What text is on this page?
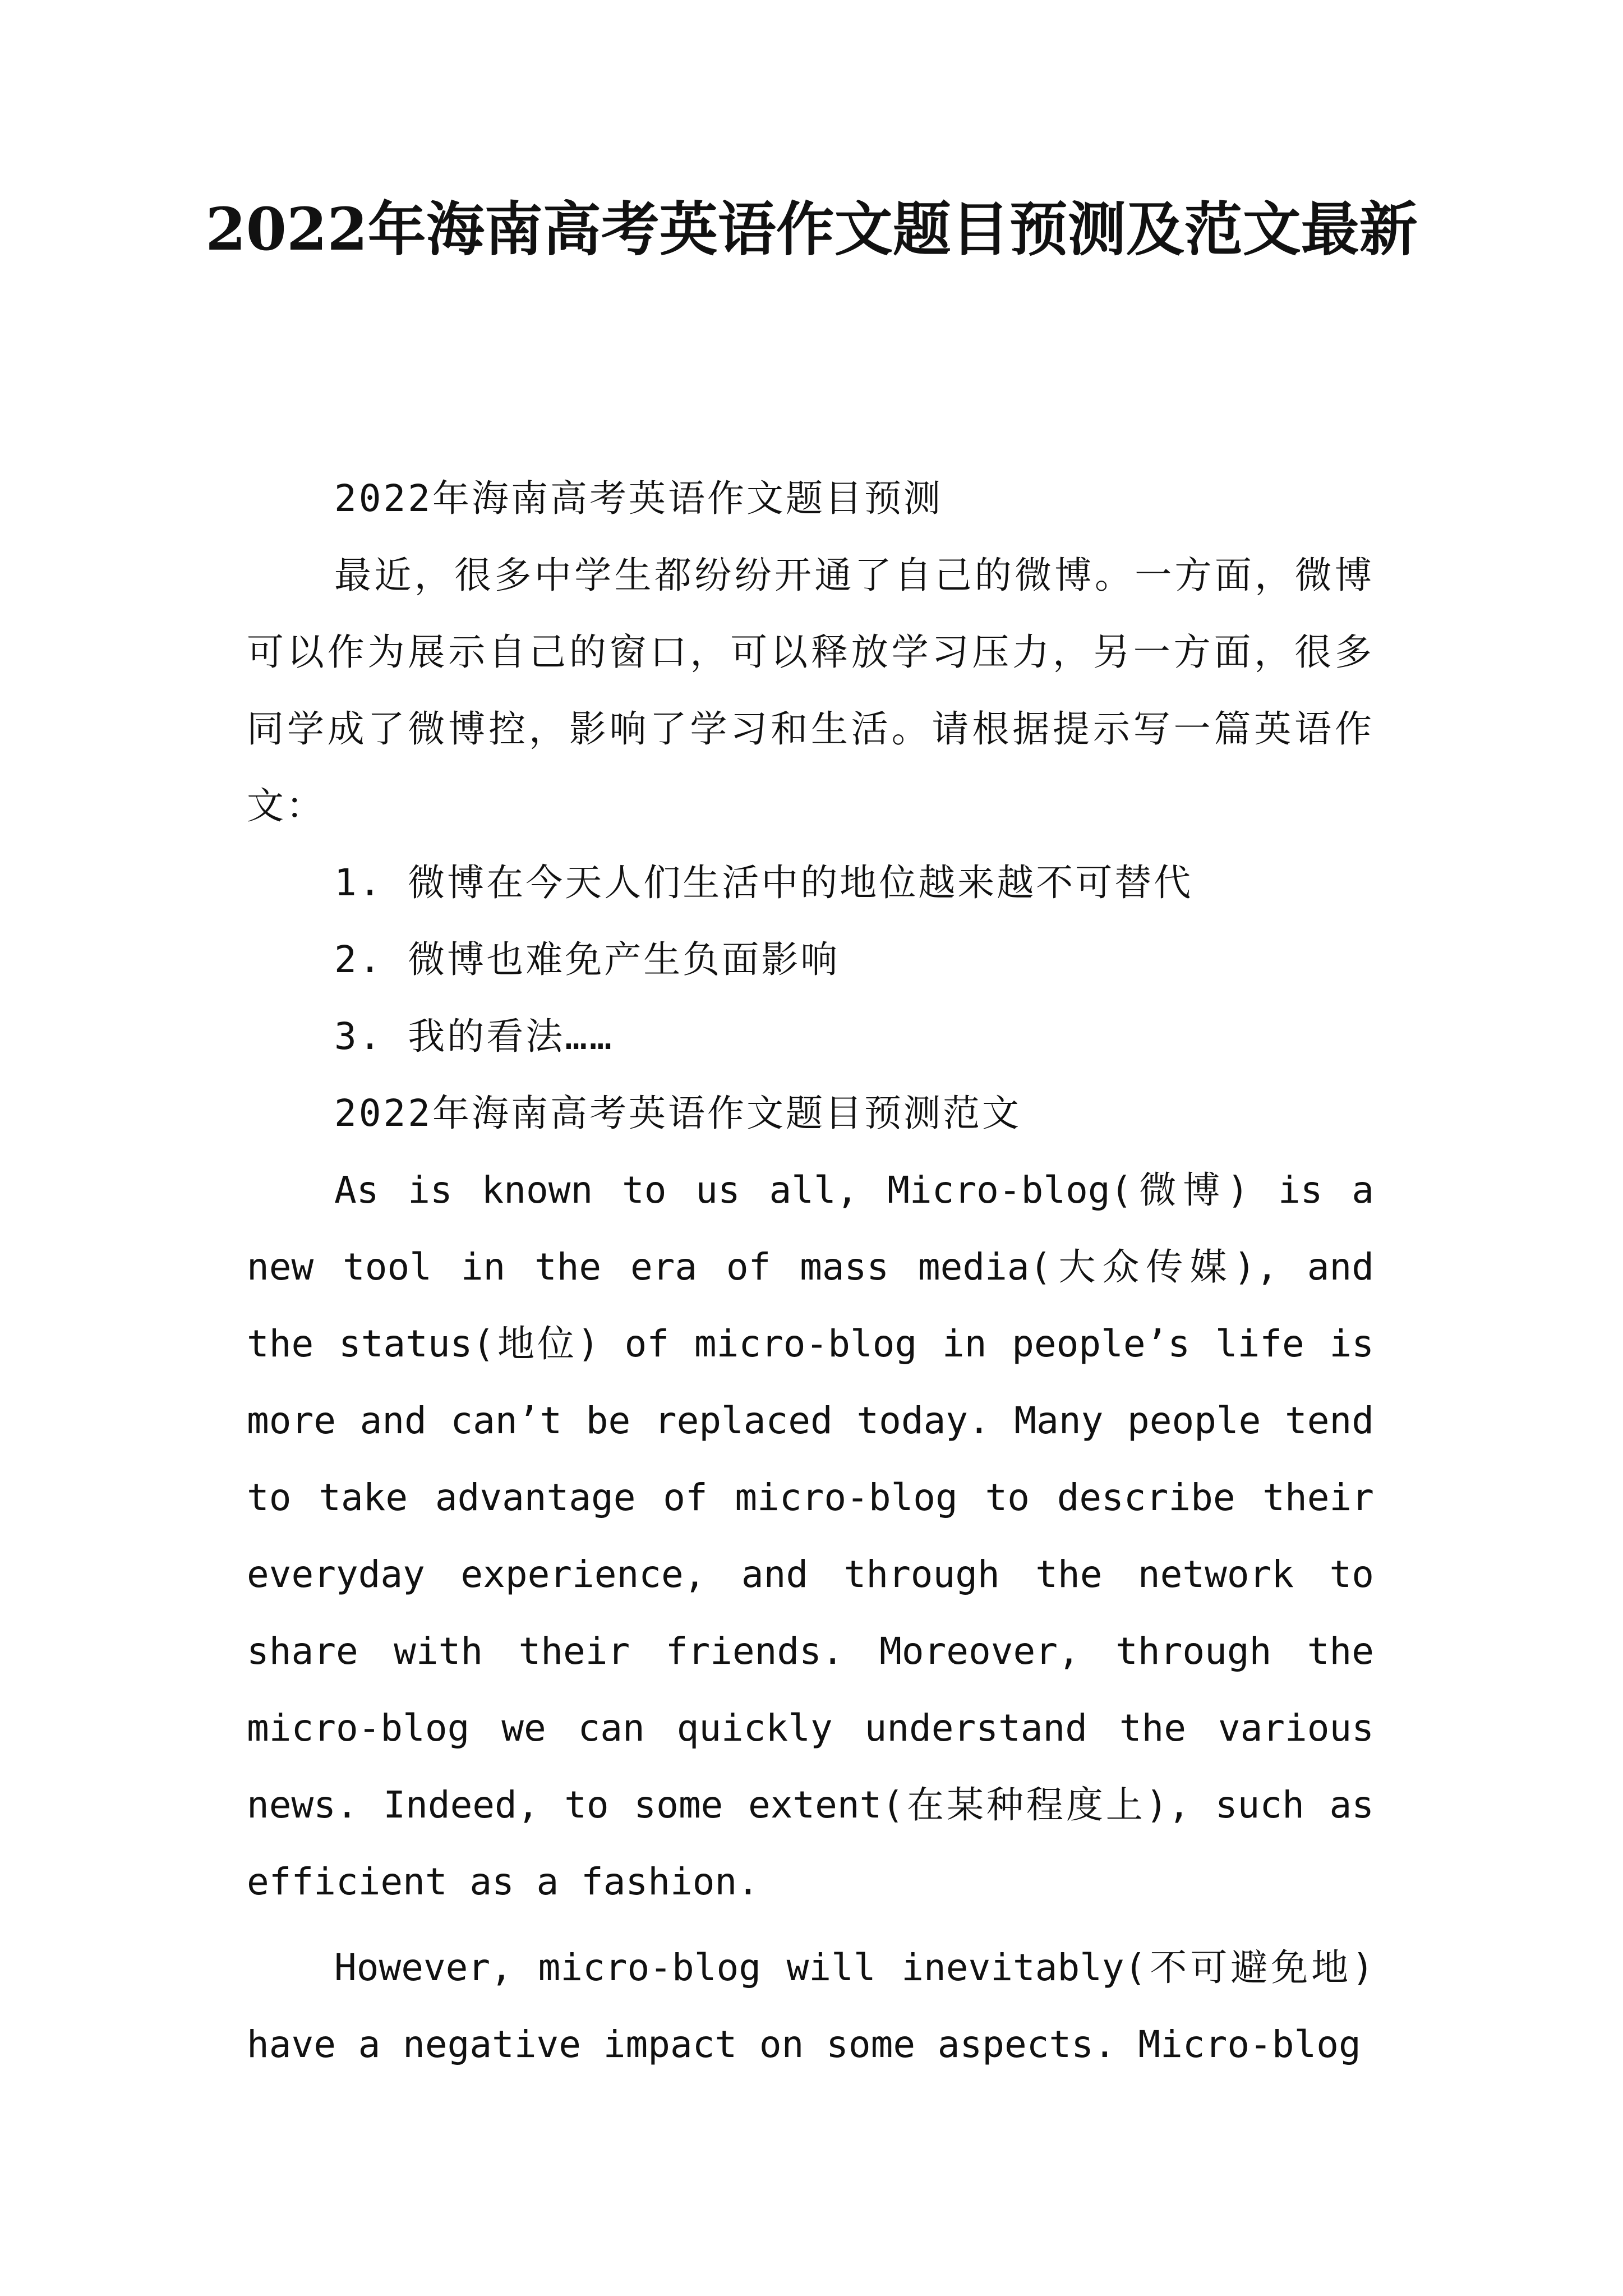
2022年海南高考英语作文题目预测及范文最新

2022年海南高考英语作文题目预测

最近，很多中学生都纷纷开通了自己的微博。一方面，微博可以作为展示自己的窗口，可以释放学习压力，另一方面，很多同学成了微博控，影响了学习和生活。请根据提示写一篇英语作文：

1. 微博在今天人们生活中的地位越来越不可替代

2. 微博也难免产生负面影响

3. 我的看法……

2022年海南高考英语作文题目预测范文

As is known to us all, Micro-blog(微博) is a new tool in the era of mass media(大众传媒), and the status(地位) of micro-blog in people’s life is more and can’t be replaced today. Many people tend to take advantage of micro-blog to describe their everyday experience, and through the network to share with their friends. Moreover, through the micro-blog we can quickly understand the various news. Indeed, to some extent(在某种程度上), such as efficient as a fashion.

However, micro-blog will inevitably(不可避免地) have a negative impact on some aspects. Micro-blog
